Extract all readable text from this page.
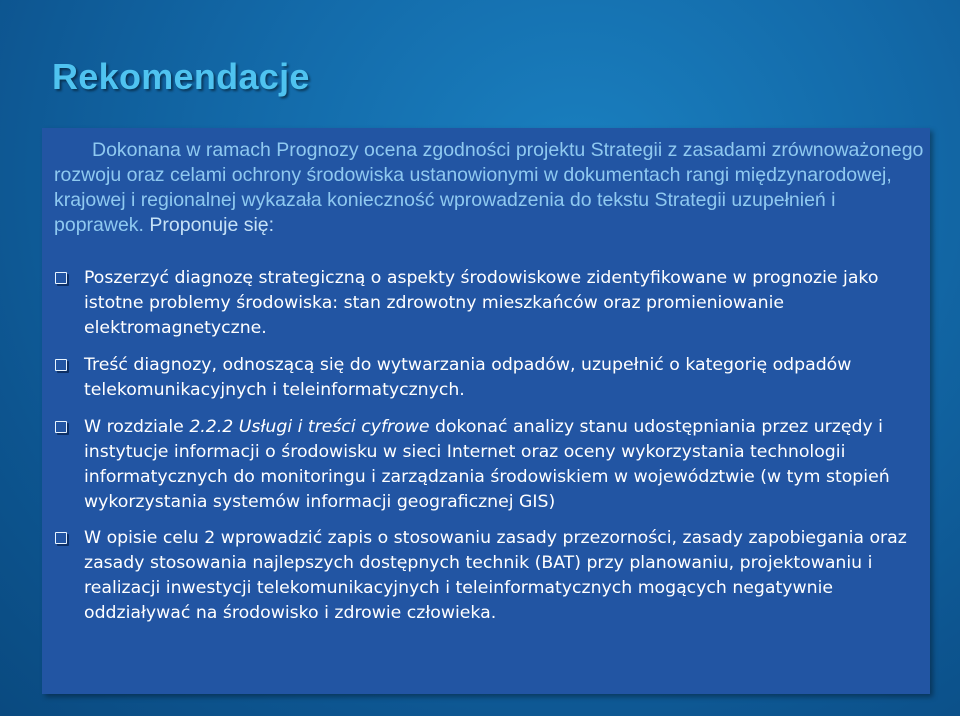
Rekomendacje
Dokonana w ramach Prognozy ocena zgodności projektu Strategii z zasadami zrównoważonego rozwoju oraz celami ochrony środowiska ustanowionymi w dokumentach rangi międzynarodowej, krajowej i regionalnej wykazała konieczność wprowadzenia do tekstu Strategii uzupełnień i poprawek. Proponuje się:
Poszerzyć diagnozę strategiczną o aspekty środowiskowe zidentyfikowane w prognozie jako istotne problemy środowiska: stan zdrowotny mieszkańców oraz promieniowanie elektromagnetyczne.
Treść diagnozy, odnoszącą się do wytwarzania odpadów, uzupełnić o kategorię odpadów telekomunikacyjnych i teleinformatycznych.
W rozdziale 2.2.2 Usługi i treści cyfrowe dokonać analizy stanu udostępniania przez urzędy i instytucje informacji o środowisku w sieci Internet oraz oceny wykorzystania technologii informatycznych do monitoringu i zarządzania środowiskiem w województwie (w tym stopień wykorzystania systemów informacji geograficznej GIS)
W opisie celu 2 wprowadzić zapis o stosowaniu zasady przezorności, zasady zapobiegania oraz zasady stosowania najlepszych dostępnych technik (BAT) przy planowaniu, projektowaniu i realizacji inwestycji telekomunikacyjnych i teleinformatycznych mogących negatywnie oddziaływać na środowisko i zdrowie człowieka.
